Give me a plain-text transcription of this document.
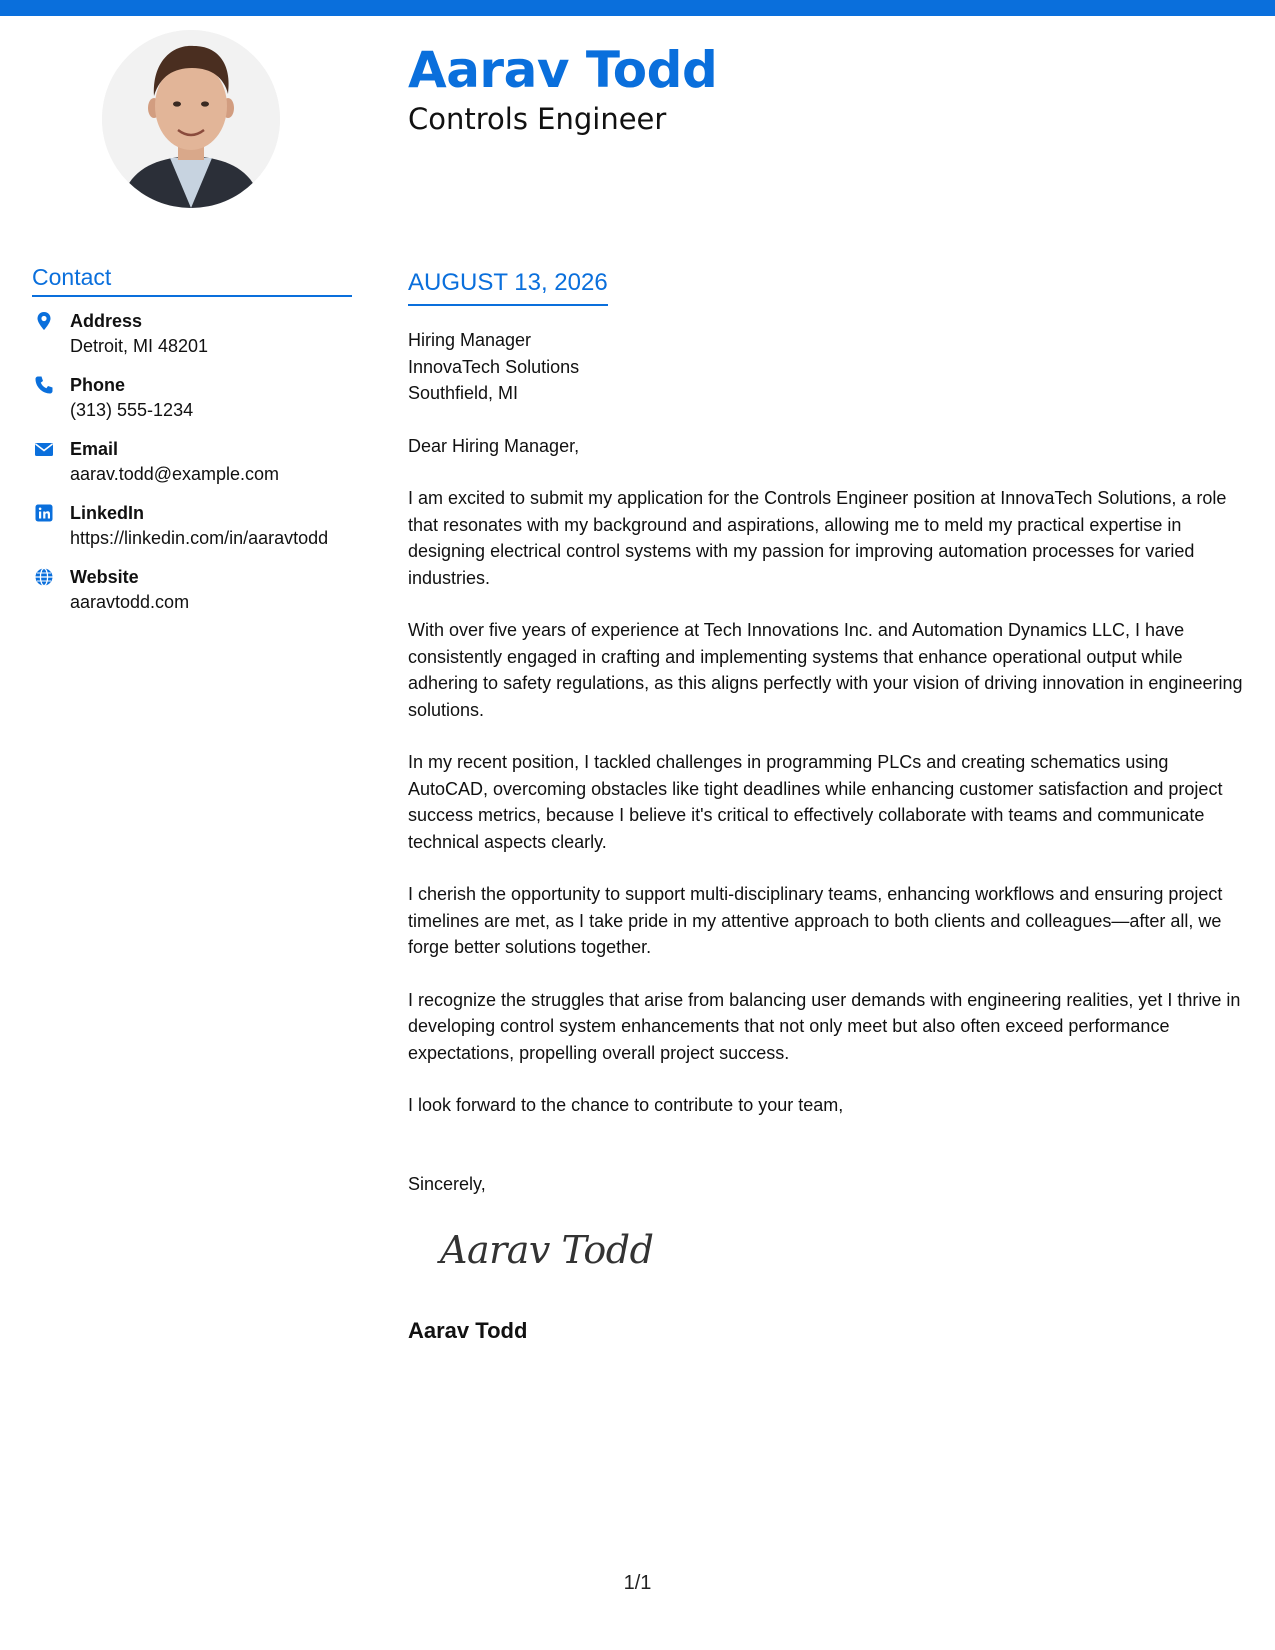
Aarav Todd
Controls Engineer
Contact
Address
Detroit, MI 48201
Phone
(313) 555-1234
Email
aarav.todd@example.com
LinkedIn
https://linkedin.com/in/aaravtodd
Website
aaravtodd.com
AUGUST 13, 2026

Hiring Manager

InnovaTech Solutions

Southfield, MI

Dear Hiring Manager,

I am excited to submit my application for the Controls Engineer position at InnovaTech Solutions, a role that resonates with my background and aspirations, allowing me to meld my practical expertise in designing electrical control systems with my passion for improving automation processes for varied industries.

With over five years of experience at Tech Innovations Inc. and Automation Dynamics LLC, I have consistently engaged in crafting and implementing systems that enhance operational output while adhering to safety regulations, as this aligns perfectly with your vision of driving innovation in engineering solutions.

In my recent position, I tackled challenges in programming PLCs and creating schematics using AutoCAD, overcoming obstacles like tight deadlines while enhancing customer satisfaction and project success metrics, because I believe it's critical to effectively collaborate with teams and communicate technical aspects clearly.

I cherish the opportunity to support multi-disciplinary teams, enhancing workflows and ensuring project timelines are met, as I take pride in my attentive approach to both clients and colleagues—after all, we forge better solutions together.

I recognize the struggles that arise from balancing user demands with engineering realities, yet I thrive in developing control system enhancements that not only meet but also often exceed performance expectations, propelling overall project success.

I look forward to the chance to contribute to your team,

Sincerely,

Aarav Todd
Aarav Todd
1/1
